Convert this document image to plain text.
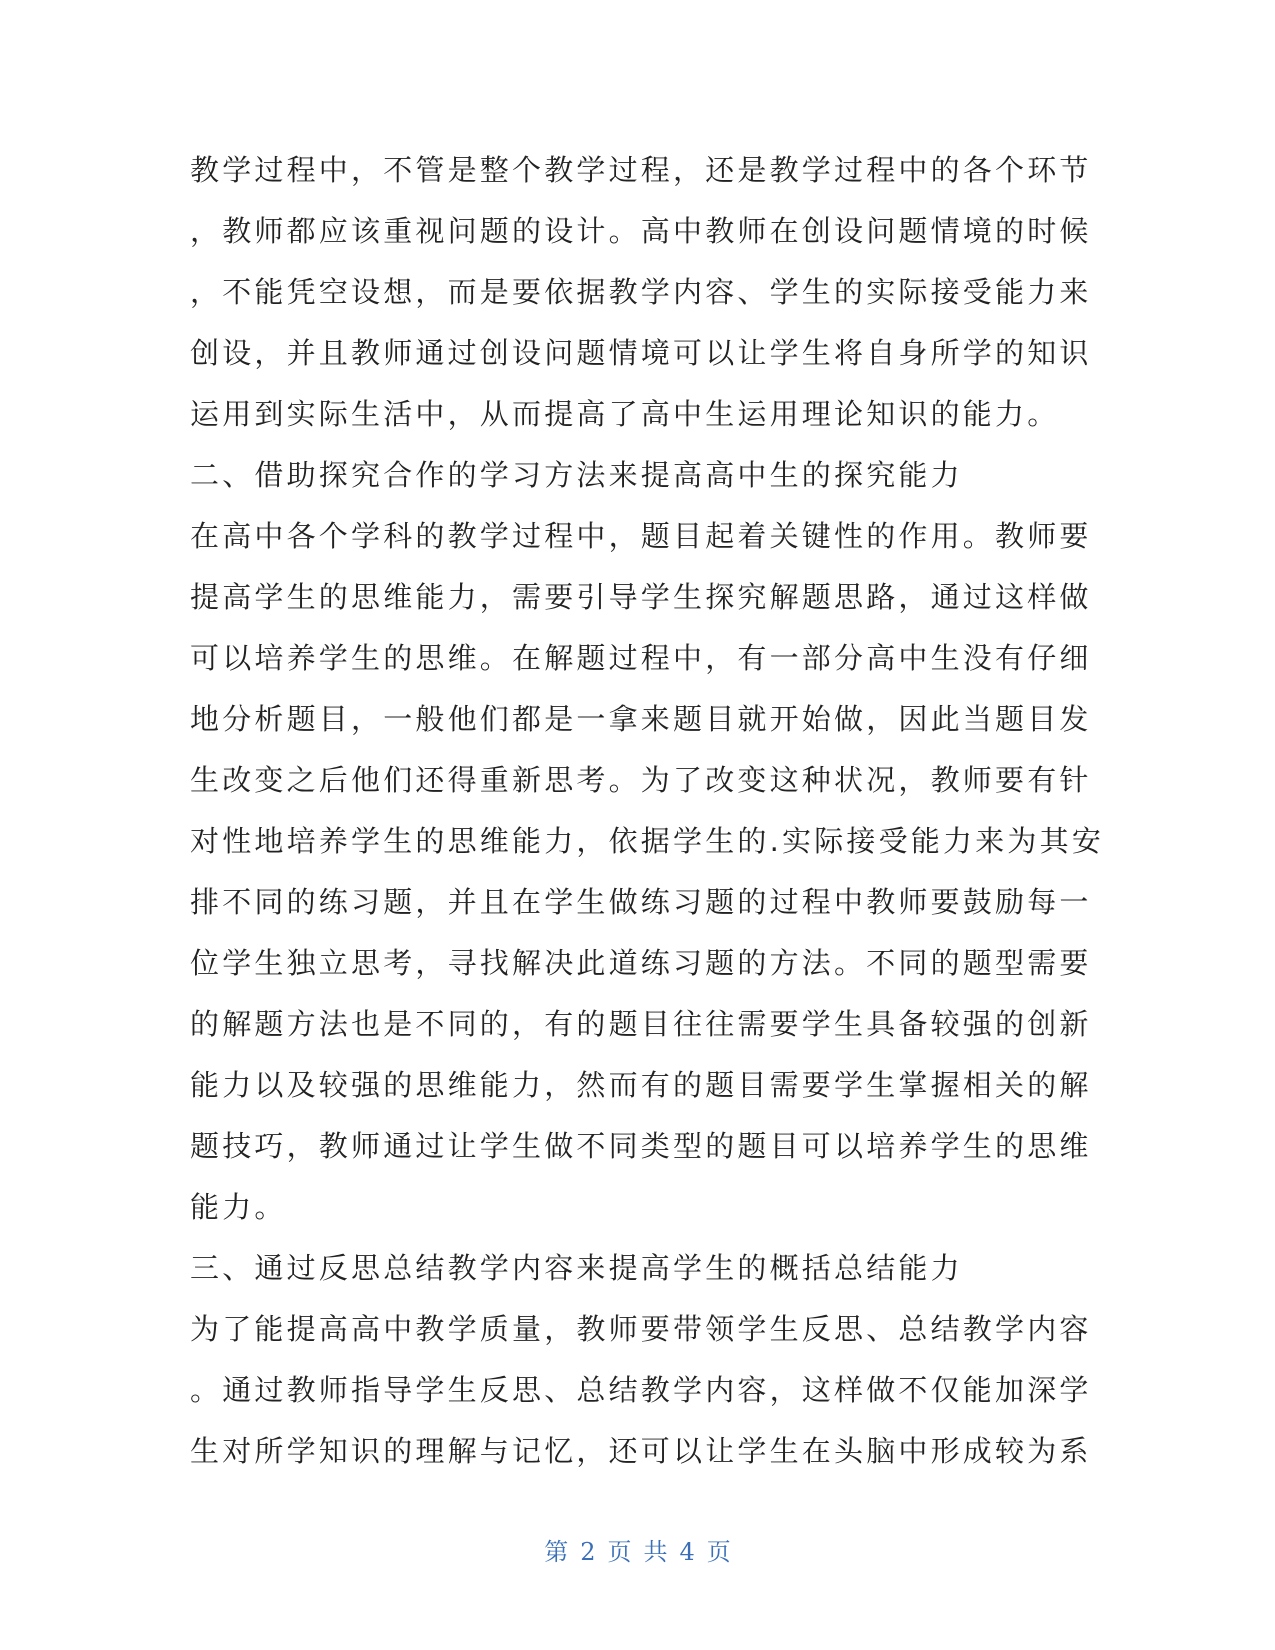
教学过程中，不管是整个教学过程，还是教学过程中的各个环节
，教师都应该重视问题的设计。高中教师在创设问题情境的时候
，不能凭空设想，而是要依据教学内容、学生的实际接受能力来
创设，并且教师通过创设问题情境可以让学生将自身所学的知识
运用到实际生活中，从而提高了高中生运用理论知识的能力。
二、借助探究合作的学习方法来提高高中生的探究能力
在高中各个学科的教学过程中，题目起着关键性的作用。教师要
提高学生的思维能力，需要引导学生探究解题思路，通过这样做
可以培养学生的思维。在解题过程中，有一部分高中生没有仔细
地分析题目，一般他们都是一拿来题目就开始做，因此当题目发
生改变之后他们还得重新思考。为了改变这种状况，教师要有针
对性地培养学生的思维能力，依据学生的.实际接受能力来为其安
排不同的练习题，并且在学生做练习题的过程中教师要鼓励每一
位学生独立思考，寻找解决此道练习题的方法。不同的题型需要
的解题方法也是不同的，有的题目往往需要学生具备较强的创新
能力以及较强的思维能力，然而有的题目需要学生掌握相关的解
题技巧，教师通过让学生做不同类型的题目可以培养学生的思维
能力。
三、通过反思总结教学内容来提高学生的概括总结能力
为了能提高高中教学质量，教师要带领学生反思、总结教学内容
。通过教师指导学生反思、总结教学内容，这样做不仅能加深学
生对所学知识的理解与记忆，还可以让学生在头脑中形成较为系
第 2 页 共 4 页
